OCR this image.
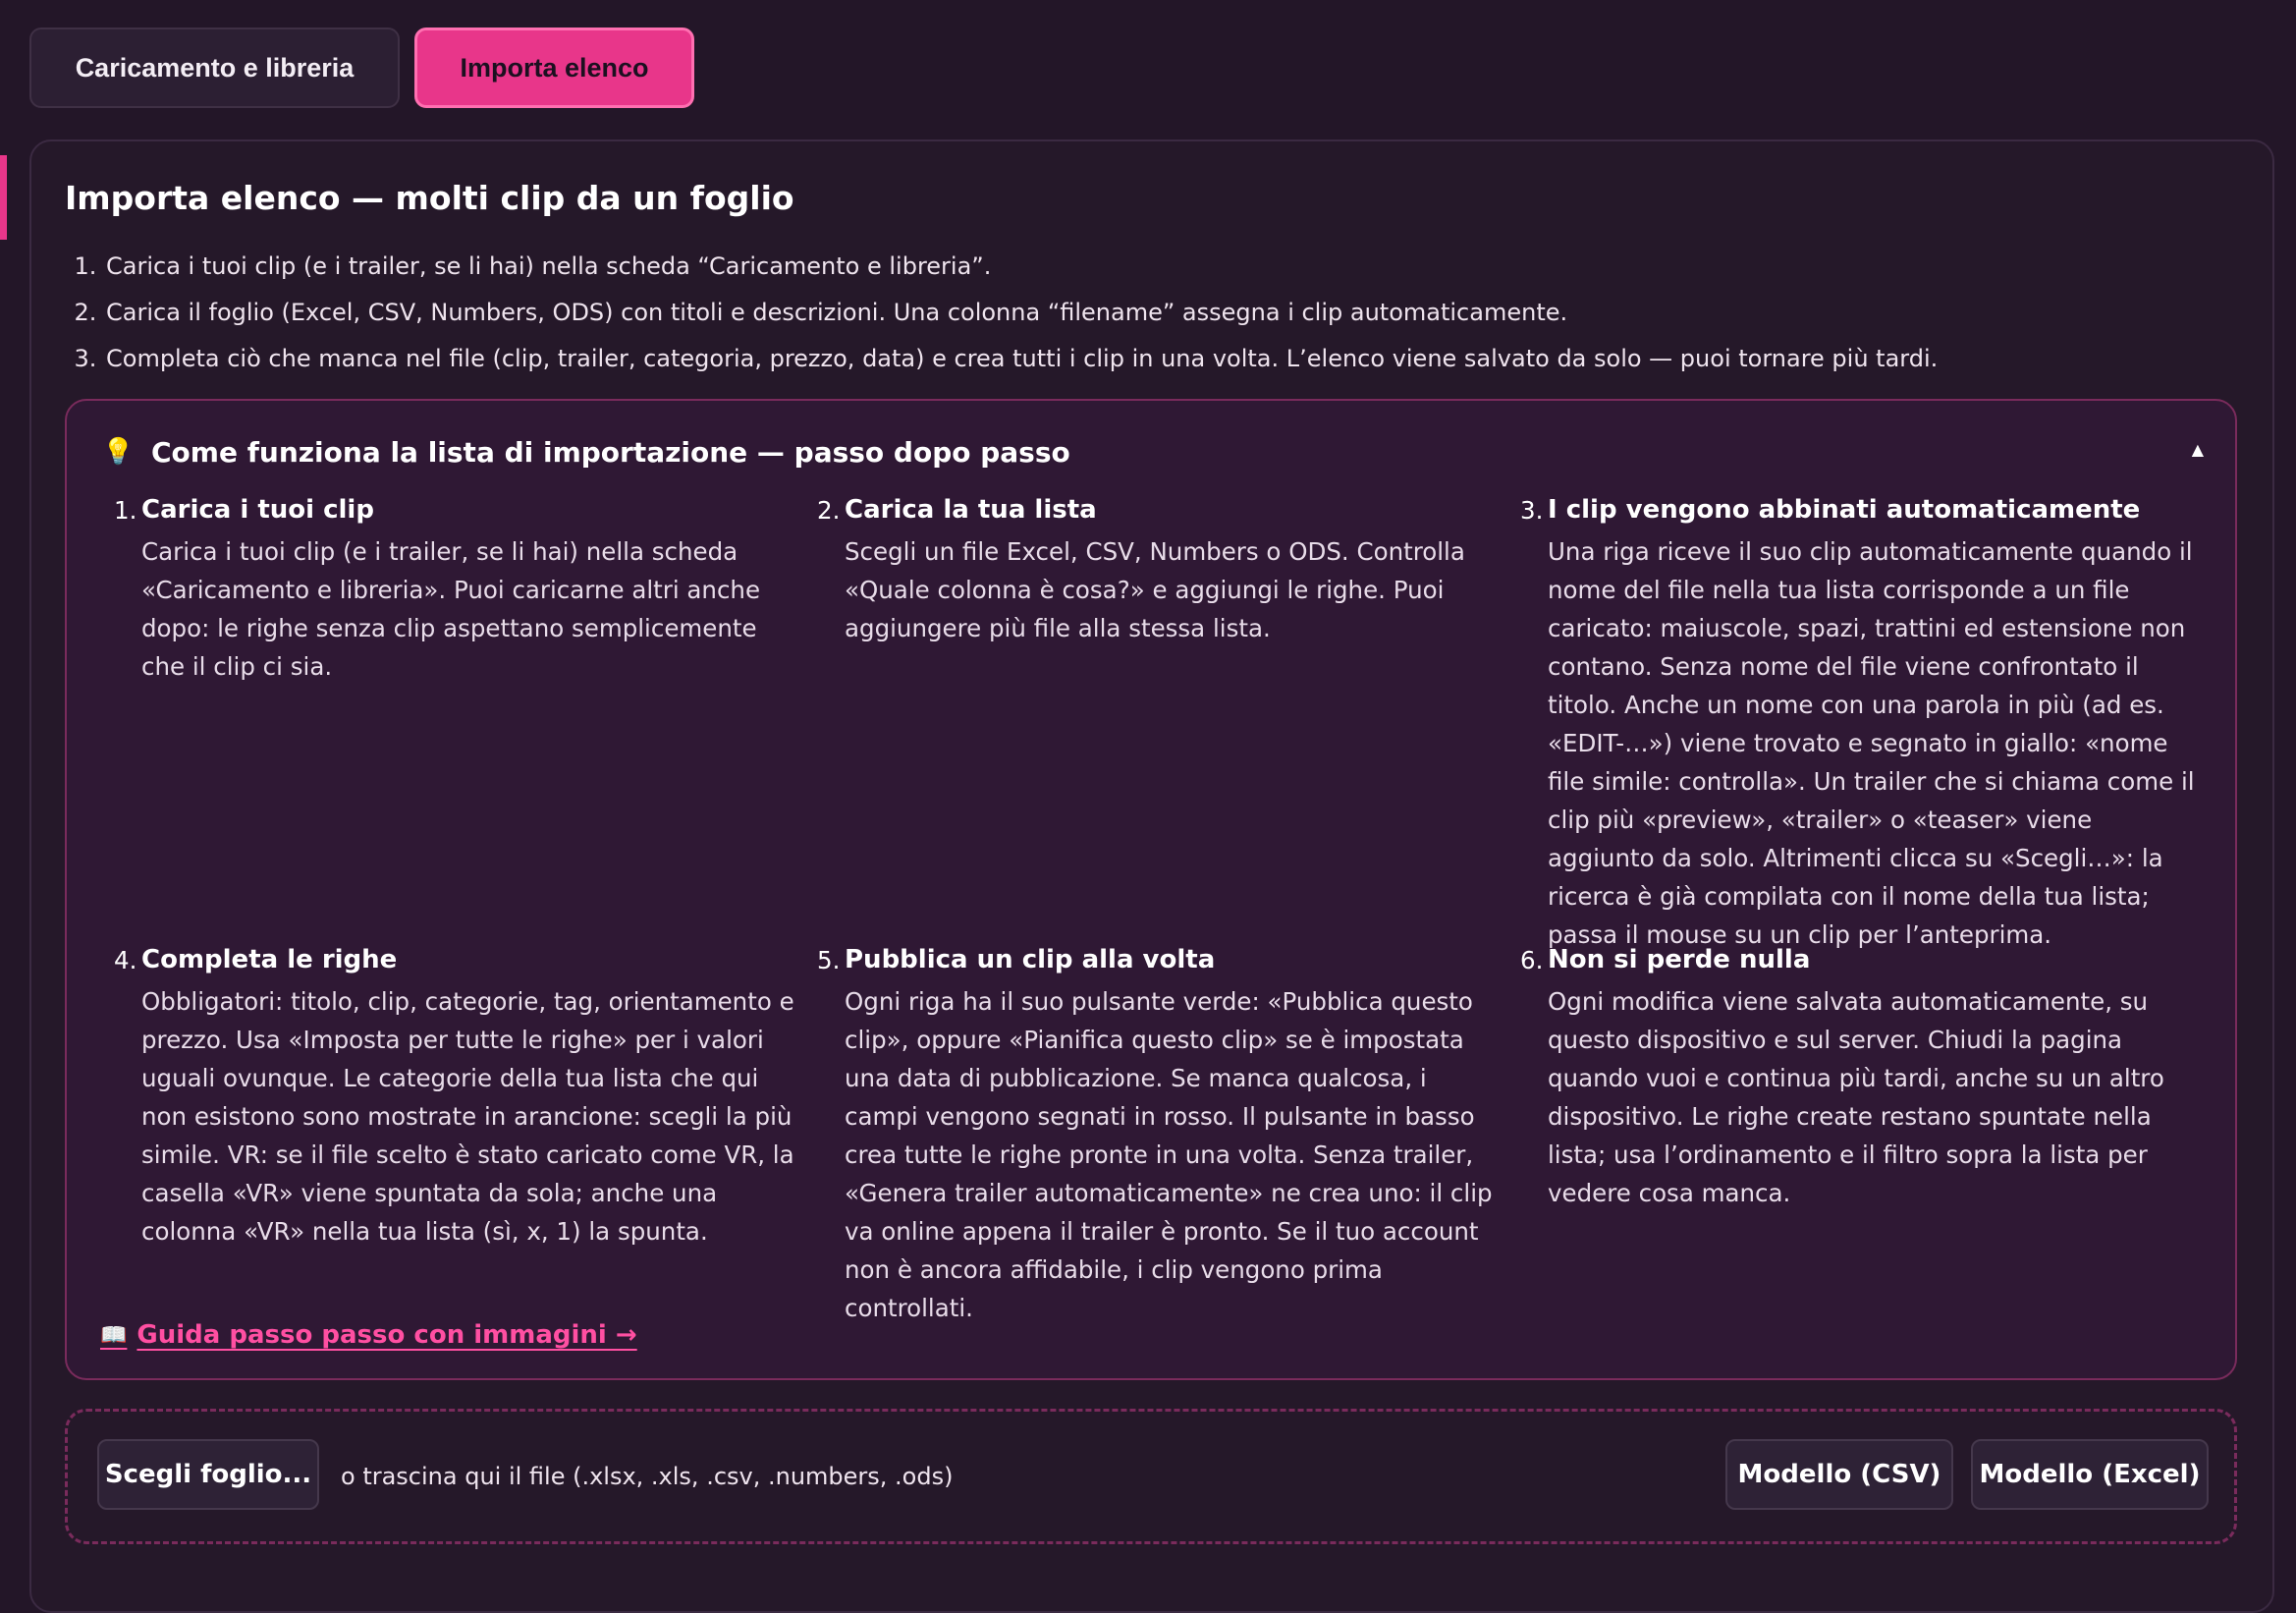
Caricamento e libreria	Importa elenco
Importa elenco — molti clip da un foglio
1. Carica i tuoi clip (e i trailer, se li hai) nella scheda “Caricamento e libreria”.
2. Carica il foglio (Excel, CSV, Numbers, ODS) con titoli e descrizioni. Una colonna “filename” assegna i clip automaticamente.
3. Completa ciò che manca nel file (clip, trailer, categoria, prezzo, data) e crea tutti i clip in una volta. L’elenco viene salvato da solo — puoi tornare più tardi.
💡 Come funziona la lista di importazione — passo dopo passo	▲
1. Carica i tuoi clip

Carica i tuoi clip (e i trailer, se li hai) nella scheda «Caricamento e libreria». Puoi caricarne altri anche dopo: le righe senza clip aspettano semplicemente che il clip ci sia.

2. Carica la tua lista

Scegli un file Excel, CSV, Numbers o ODS. Controlla «Quale colonna è cosa?» e aggiungi le righe. Puoi aggiungere più file alla stessa lista.

3. I clip vengono abbinati automaticamente

Una riga riceve il suo clip automaticamente quando il nome del file nella tua lista corrisponde a un file caricato: maiuscole, spazi, trattini ed estensione non contano. Senza nome del file viene confrontato il titolo. Anche un nome con una parola in più (ad es. «EDIT-…») viene trovato e segnato in giallo: «nome file simile: controlla». Un trailer che si chiama come il clip più «preview», «trailer» o «teaser» viene aggiunto da solo. Altrimenti clicca su «Scegli…»: la ricerca è già compilata con il nome della tua lista; passa il mouse su un clip per l’anteprima.

4. Completa le righe

Obbligatori: titolo, clip, categorie, tag, orientamento e prezzo. Usa «Imposta per tutte le righe» per i valori uguali ovunque. Le categorie della tua lista che qui non esistono sono mostrate in arancione: scegli la più simile. VR: se il file scelto è stato caricato come VR, la casella «VR» viene spuntata da sola; anche una colonna «VR» nella tua lista (sì, x, 1) la spunta.

5. Pubblica un clip alla volta

Ogni riga ha il suo pulsante verde: «Pubblica questo clip», oppure «Pianifica questo clip» se è impostata una data di pubblicazione. Se manca qualcosa, i campi vengono segnati in rosso. Il pulsante in basso crea tutte le righe pronte in una volta. Senza trailer, «Genera trailer automaticamente» ne crea uno: il clip va online appena il trailer è pronto. Se il tuo account non è ancora affidabile, i clip vengono prima controllati.

6. Non si perde nulla

Ogni modifica viene salvata automaticamente, su questo dispositivo e sul server. Chiudi la pagina quando vuoi e continua più tardi, anche su un altro dispositivo. Le righe create restano spuntate nella lista; usa l’ordinamento e il filtro sopra la lista per vedere cosa manca.

📖 Guida passo passo con immagini →
Scegli foglio...	o trascina qui il file (.xlsx, .xls, .csv, .numbers, .ods)	Modello (CSV)	Modello (Excel)
